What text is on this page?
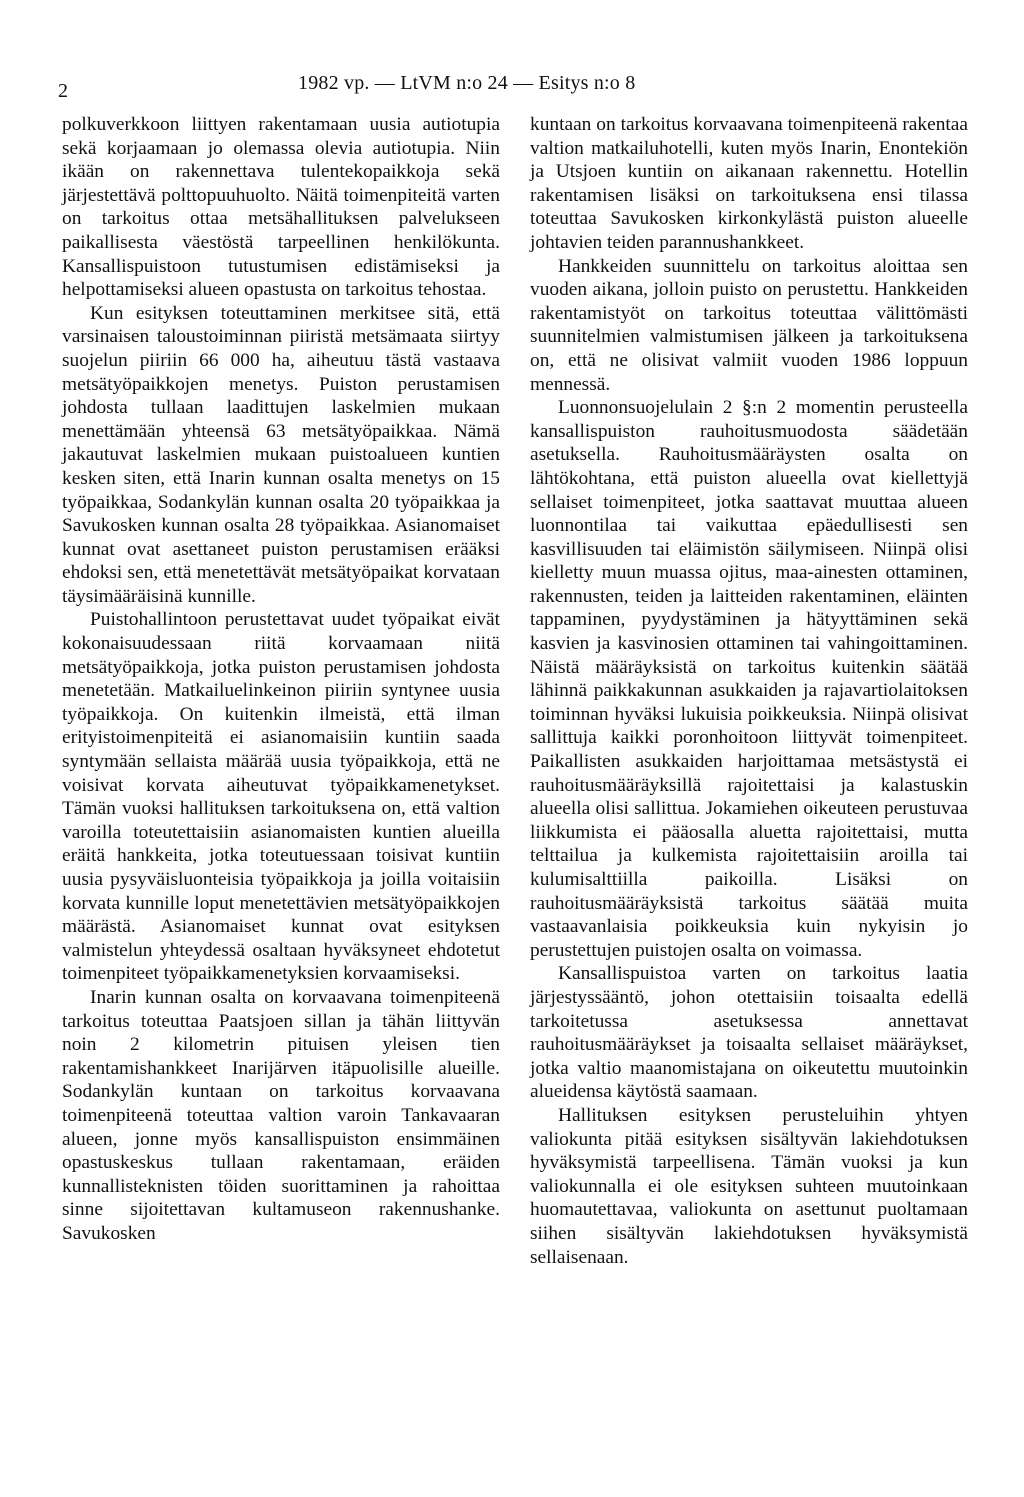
2	1982 vp. — LtVM n:o 24 — Esitys n:o 8

polkuverkkoon liittyen rakentamaan uusia autiotupia sekä korjaamaan jo olemassa olevia autiotupia. Niin ikään on rakennettava tulentekopaikkoja sekä järjestettävä polttopuuhuolto. Näitä toimenpiteitä varten on tarkoitus ottaa metsähallituksen palvelukseen paikallisesta väestöstä tarpeellinen henkilökunta. Kansallispuistoon tutustumisen edistämiseksi ja helpottamiseksi alueen opastusta on tarkoitus tehostaa.

Kun esityksen toteuttaminen merkitsee sitä, että varsinaisen taloustoiminnan piiristä metsämaata siirtyy suojelun piiriin 66 000 ha, aiheutuu tästä vastaava metsätyöpaikkojen menetys. Puiston perustamisen johdosta tullaan laadittujen laskelmien mukaan menettämään yhteensä 63 metsätyöpaikkaa. Nämä jakautuvat laskelmien mukaan puistoalueen kuntien kesken siten, että Inarin kunnan osalta menetys on 15 työpaikkaa, Sodankylän kunnan osalta 20 työpaikkaa ja Savukosken kunnan osalta 28 työpaikkaa. Asianomaiset kunnat ovat asettaneet puiston perustamisen erääksi ehdoksi sen, että menetettävät metsätyöpaikat korvataan täysimääräisinä kunnille.

Puistohallintoon perustettavat uudet työpaikat eivät kokonaisuudessaan riitä korvaamaan niitä metsätyöpaikkoja, jotka puiston perustamisen johdosta menetetään. Matkailuelinkeinon piiriin syntynee uusia työpaikkoja. On kuitenkin ilmeistä, että ilman erityistoimenpiteitä ei asianomaisiin kuntiin saada syntymään sellaista määrää uusia työpaikkoja, että ne voisivat korvata aiheutuvat työpaikkamenetykset. Tämän vuoksi hallituksen tarkoituksena on, että valtion varoilla toteutettaisiin asianomaisten kuntien alueilla eräitä hankkeita, jotka toteutuessaan toisivat kuntiin uusia pysyväisluonteisia työpaikkoja ja joilla voitaisiin korvata kunnille loput menetettävien metsätyöpaikkojen määrästä. Asianomaiset kunnat ovat esityksen valmistelun yhteydessä osaltaan hyväksyneet ehdotetut toimenpiteet työpaikkamenetyksien korvaamiseksi.

Inarin kunnan osalta on korvaavana toimenpiteenä tarkoitus toteuttaa Paatsjoen sillan ja tähän liittyvän noin 2 kilometrin pituisen yleisen tien rakentamishankkeet Inarijärven itäpuolisille alueille. Sodankylän kuntaan on tarkoitus korvaavana toimenpiteenä toteuttaa valtion varoin Tankavaaran alueen, jonne myös kansallispuiston ensimmäinen opastuskeskus tullaan rakentamaan, eräiden kunnallisteknisten töiden suorittaminen ja rahoittaa sinne sijoitettavan kultamuseon rakennushanke. Savukosken

kuntaan on tarkoitus korvaavana toimenpiteenä rakentaa valtion matkailuhotelli, kuten myös Inarin, Enontekiön ja Utsjoen kuntiin on aikanaan rakennettu. Hotellin rakentamisen lisäksi on tarkoituksena ensi tilassa toteuttaa Savukosken kirkonkylästä puiston alueelle johtavien teiden parannushankkeet.

Hankkeiden suunnittelu on tarkoitus aloittaa sen vuoden aikana, jolloin puisto on perustettu. Hankkeiden rakentamistyöt on tarkoitus toteuttaa välittömästi suunnitelmien valmistumisen jälkeen ja tarkoituksena on, että ne olisivat valmiit vuoden 1986 loppuun mennessä.

Luonnonsuojelulain 2 §:n 2 momentin perusteella kansallispuiston rauhoitusmuodosta säädetään asetuksella. Rauhoitusmääräysten osalta on lähtökohtana, että puiston alueella ovat kiellettyjä sellaiset toimenpiteet, jotka saattavat muuttaa alueen luonnontilaa tai vaikuttaa epäedullisesti sen kasvillisuuden tai eläimistön säilymiseen. Niinpä olisi kielletty muun muassa ojitus, maa-ainesten ottaminen, rakennusten, teiden ja laitteiden rakentaminen, eläinten tappaminen, pyydystäminen ja hätyyttäminen sekä kasvien ja kasvinosien ottaminen tai vahingoittaminen. Näistä määräyksistä on tarkoitus kuitenkin säätää lähinnä paikkakunnan asukkaiden ja rajavartiolaitoksen toiminnan hyväksi lukuisia poikkeuksia. Niinpä olisivat sallittuja kaikki poronhoitoon liittyvät toimenpiteet. Paikallisten asukkaiden harjoittamaa metsästystä ei rauhoitusmääräyksillä rajoitettaisi ja kalastuskin alueella olisi sallittua. Jokamiehen oikeuteen perustuvaa liikkumista ei pääosalla aluetta rajoitettaisi, mutta telttailua ja kulkemista rajoitettaisiin aroilla tai kulumisalttiilla paikoilla. Lisäksi on rauhoitusmääräyksistä tarkoitus säätää muita vastaavanlaisia poikkeuksia kuin nykyisin jo perustettujen puistojen osalta on voimassa.

Kansallispuistoa varten on tarkoitus laatia järjestyssääntö, johon otettaisiin toisaalta edellä tarkoitetussa asetuksessa annettavat rauhoitusmääräykset ja toisaalta sellaiset määräykset, jotka valtio maanomistajana on oikeutettu muutoinkin alueidensa käytöstä saamaan.

Hallituksen esityksen perusteluihin yhtyen valiokunta pitää esityksen sisältyvän lakiehdotuksen hyväksymistä tarpeellisena. Tämän vuoksi ja kun valiokunnalla ei ole esityksen suhteen muutoinkaan huomautettavaa, valiokunta on asettunut puoltamaan siihen sisältyvän lakiehdotuksen hyväksymistä sellaisenaan.
